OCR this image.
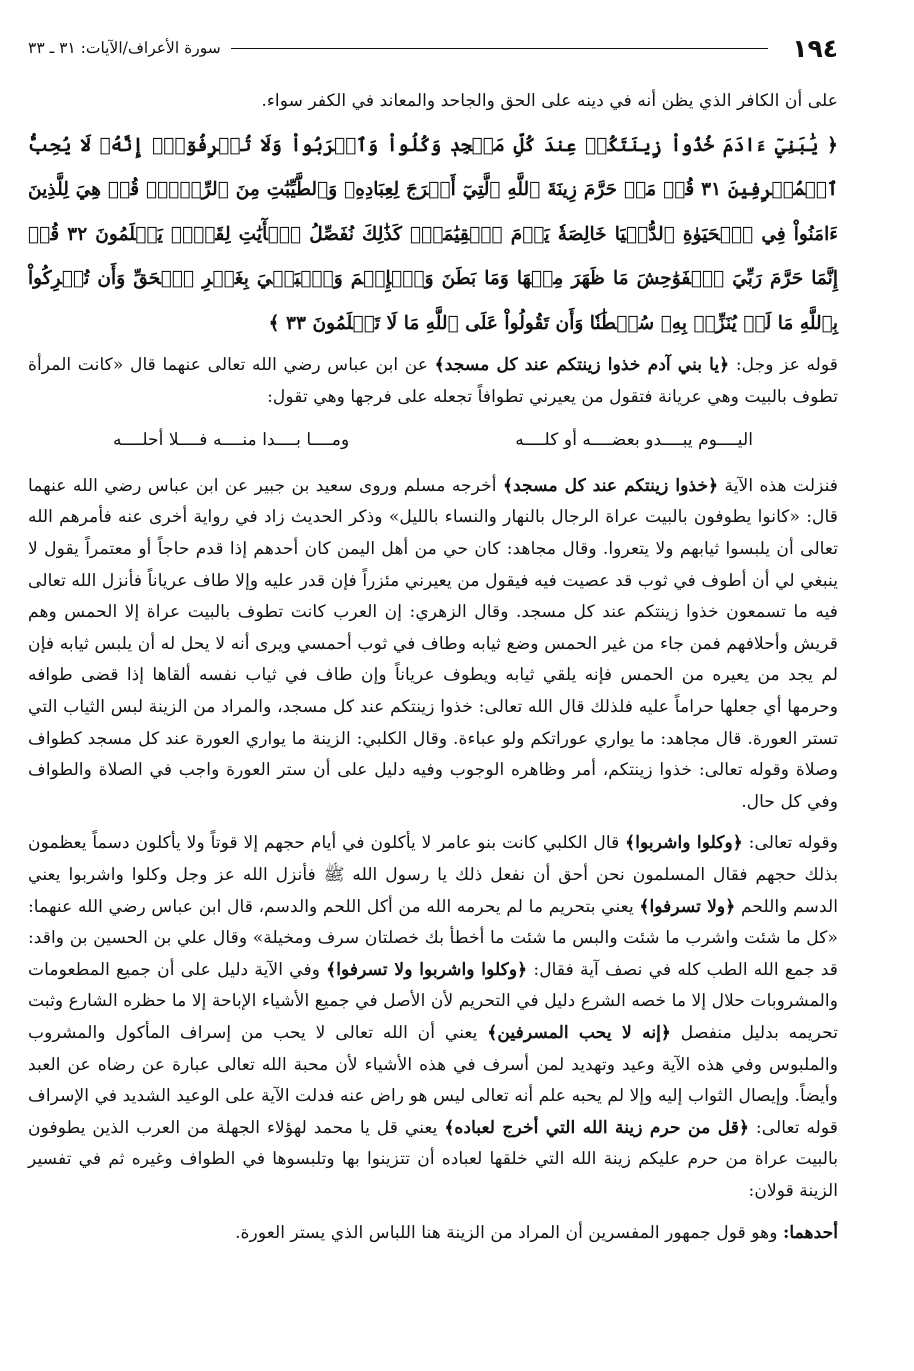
١٩٤
سورة الأعراف/الآيات: ٣١ ـ ٣٣

على أن الكافر الذي يظن أنه في دينه على الحق والجاحد والمعاند في الكفر سواء.

﴿ يَٰبَنِيٓ ءَادَمَ خُذُواْ زِينَتَكُمۡ عِندَ كُلِّ مَسۡجِدٖ وَكُلُواْ وَٱشۡرَبُواْ وَلَا تُسۡرِفُوٓاْۚ إِنَّهُۥ لَا يُحِبُّ ٱلۡمُسۡرِفِينَ ٣١ قُلۡ مَنۡ حَرَّمَ زِينَةَ ٱللَّهِ ٱلَّتِيٓ أَخۡرَجَ لِعِبَادِهِۦ وَٱلطَّيِّبَٰتِ مِنَ ٱلرِّزۡقِۚ قُلۡ هِيَ لِلَّذِينَ ءَامَنُواْ فِي ٱلۡحَيَوٰةِ ٱلدُّنۡيَا خَالِصَةٗ يَوۡمَ ٱلۡقِيَٰمَةِۗ كَذَٰلِكَ نُفَصِّلُ ٱلۡأٓيَٰتِ لِقَوۡمٖ يَعۡلَمُونَ ٣٢ قُلۡ إِنَّمَا حَرَّمَ رَبِّيَ ٱلۡفَوَٰحِشَ مَا ظَهَرَ مِنۡهَا وَمَا بَطَنَ وَٱلۡإِثۡمَ وَٱلۡبَغۡيَ بِغَيۡرِ ٱلۡحَقِّ وَأَن تُشۡرِكُواْ بِٱللَّهِ مَا لَمۡ يُنَزِّلۡ بِهِۦ سُلۡطَٰنٗا وَأَن تَقُولُواْ عَلَى ٱللَّهِ مَا لَا تَعۡلَمُونَ ٣٣ ﴾

قوله عز وجل: ﴿يا بني آدم خذوا زينتكم عند كل مسجد﴾ عن ابن عباس رضي الله تعالى عنهما قال «كانت المرأة تطوف بالبيت وهي عريانة فتقول من يعيرني تطوافاً تجعله على فرجها وهي تقول:

اليــــوم يبــــدو بعضــــه أو كلــــه
ومــــا بــــدا منــــه فــــلا أحلــــه

فنزلت هذه الآية ﴿خذوا زينتكم عند كل مسجد﴾ أخرجه مسلم وروى سعيد بن جبير عن ابن عباس رضي الله عنهما قال: «كانوا يطوفون بالبيت عراة الرجال بالنهار والنساء بالليل» وذكر الحديث زاد في رواية أخرى عنه فأمرهم الله تعالى أن يلبسوا ثيابهم ولا يتعروا. وقال مجاهد: كان حي من أهل اليمن كان أحدهم إذا قدم حاجاً أو معتمراً يقول لا ينبغي لي أن أطوف في ثوب قد عصيت فيه فيقول من يعيرني مئزراً فإن قدر عليه وإلا طاف عرياناً فأنزل الله تعالى فيه ما تسمعون خذوا زينتكم عند كل مسجد. وقال الزهري: إن العرب كانت تطوف بالبيت عراة إلا الحمس وهم قريش وأحلافهم فمن جاء من غير الحمس وضع ثيابه وطاف في ثوب أحمسي ويرى أنه لا يحل له أن يلبس ثيابه فإن لم يجد من يعيره من الحمس فإنه يلقي ثيابه ويطوف عرياناً وإن طاف في ثياب نفسه ألقاها إذا قضى طوافه وحرمها أي جعلها حراماً عليه فلذلك قال الله تعالى: خذوا زينتكم عند كل مسجد، والمراد من الزينة لبس الثياب التي تستر العورة. قال مجاهد: ما يواري عوراتكم ولو عباءة. وقال الكلبي: الزينة ما يواري العورة عند كل مسجد كطواف وصلاة وقوله تعالى: خذوا زينتكم، أمر وظاهره الوجوب وفيه دليل على أن ستر العورة واجب في الصلاة والطواف وفي كل حال.

وقوله تعالى: ﴿وكلوا واشربوا﴾ قال الكلبي كانت بنو عامر لا يأكلون في أيام حجهم إلا قوتاً ولا يأكلون دسماً يعظمون بذلك حجهم فقال المسلمون نحن أحق أن نفعل ذلك يا رسول الله ﷺ فأنزل الله عز وجل وكلوا واشربوا يعني الدسم واللحم ﴿ولا تسرفوا﴾ يعني بتحريم ما لم يحرمه الله من أكل اللحم والدسم، قال ابن عباس رضي الله عنهما: «كل ما شئت واشرب ما شئت والبس ما شئت ما أخطأ بك خصلتان سرف ومخيلة» وقال علي بن الحسين بن واقد: قد جمع الله الطب كله في نصف آية فقال: ﴿وكلوا واشربوا ولا تسرفوا﴾ وفي الآية دليل على أن جميع المطعومات والمشروبات حلال إلا ما خصه الشرع دليل في التحريم لأن الأصل في جميع الأشياء الإباحة إلا ما حظره الشارع وثبت تحريمه بدليل منفصل ﴿إنه لا يحب المسرفين﴾ يعني أن الله تعالى لا يحب من إسراف المأكول والمشروب والملبوس وفي هذه الآية وعيد وتهديد لمن أسرف في هذه الأشياء لأن محبة الله تعالى عبارة عن رضاه عن العبد وأيضاً. وإيصال الثواب إليه وإلا لم يحبه علم أنه تعالى ليس هو راض عنه فدلت الآية على الوعيد الشديد في الإسراف قوله تعالى: ﴿قل من حرم زينة الله التي أخرج لعباده﴾ يعني قل يا محمد لهؤلاء الجهلة من العرب الذين يطوفون بالبيت عراة من حرم عليكم زينة الله التي خلقها لعباده أن تتزينوا بها وتلبسوها في الطواف وغيره ثم في تفسير الزينة قولان:

أحدهما: وهو قول جمهور المفسرين أن المراد من الزينة هنا اللباس الذي يستر العورة.
